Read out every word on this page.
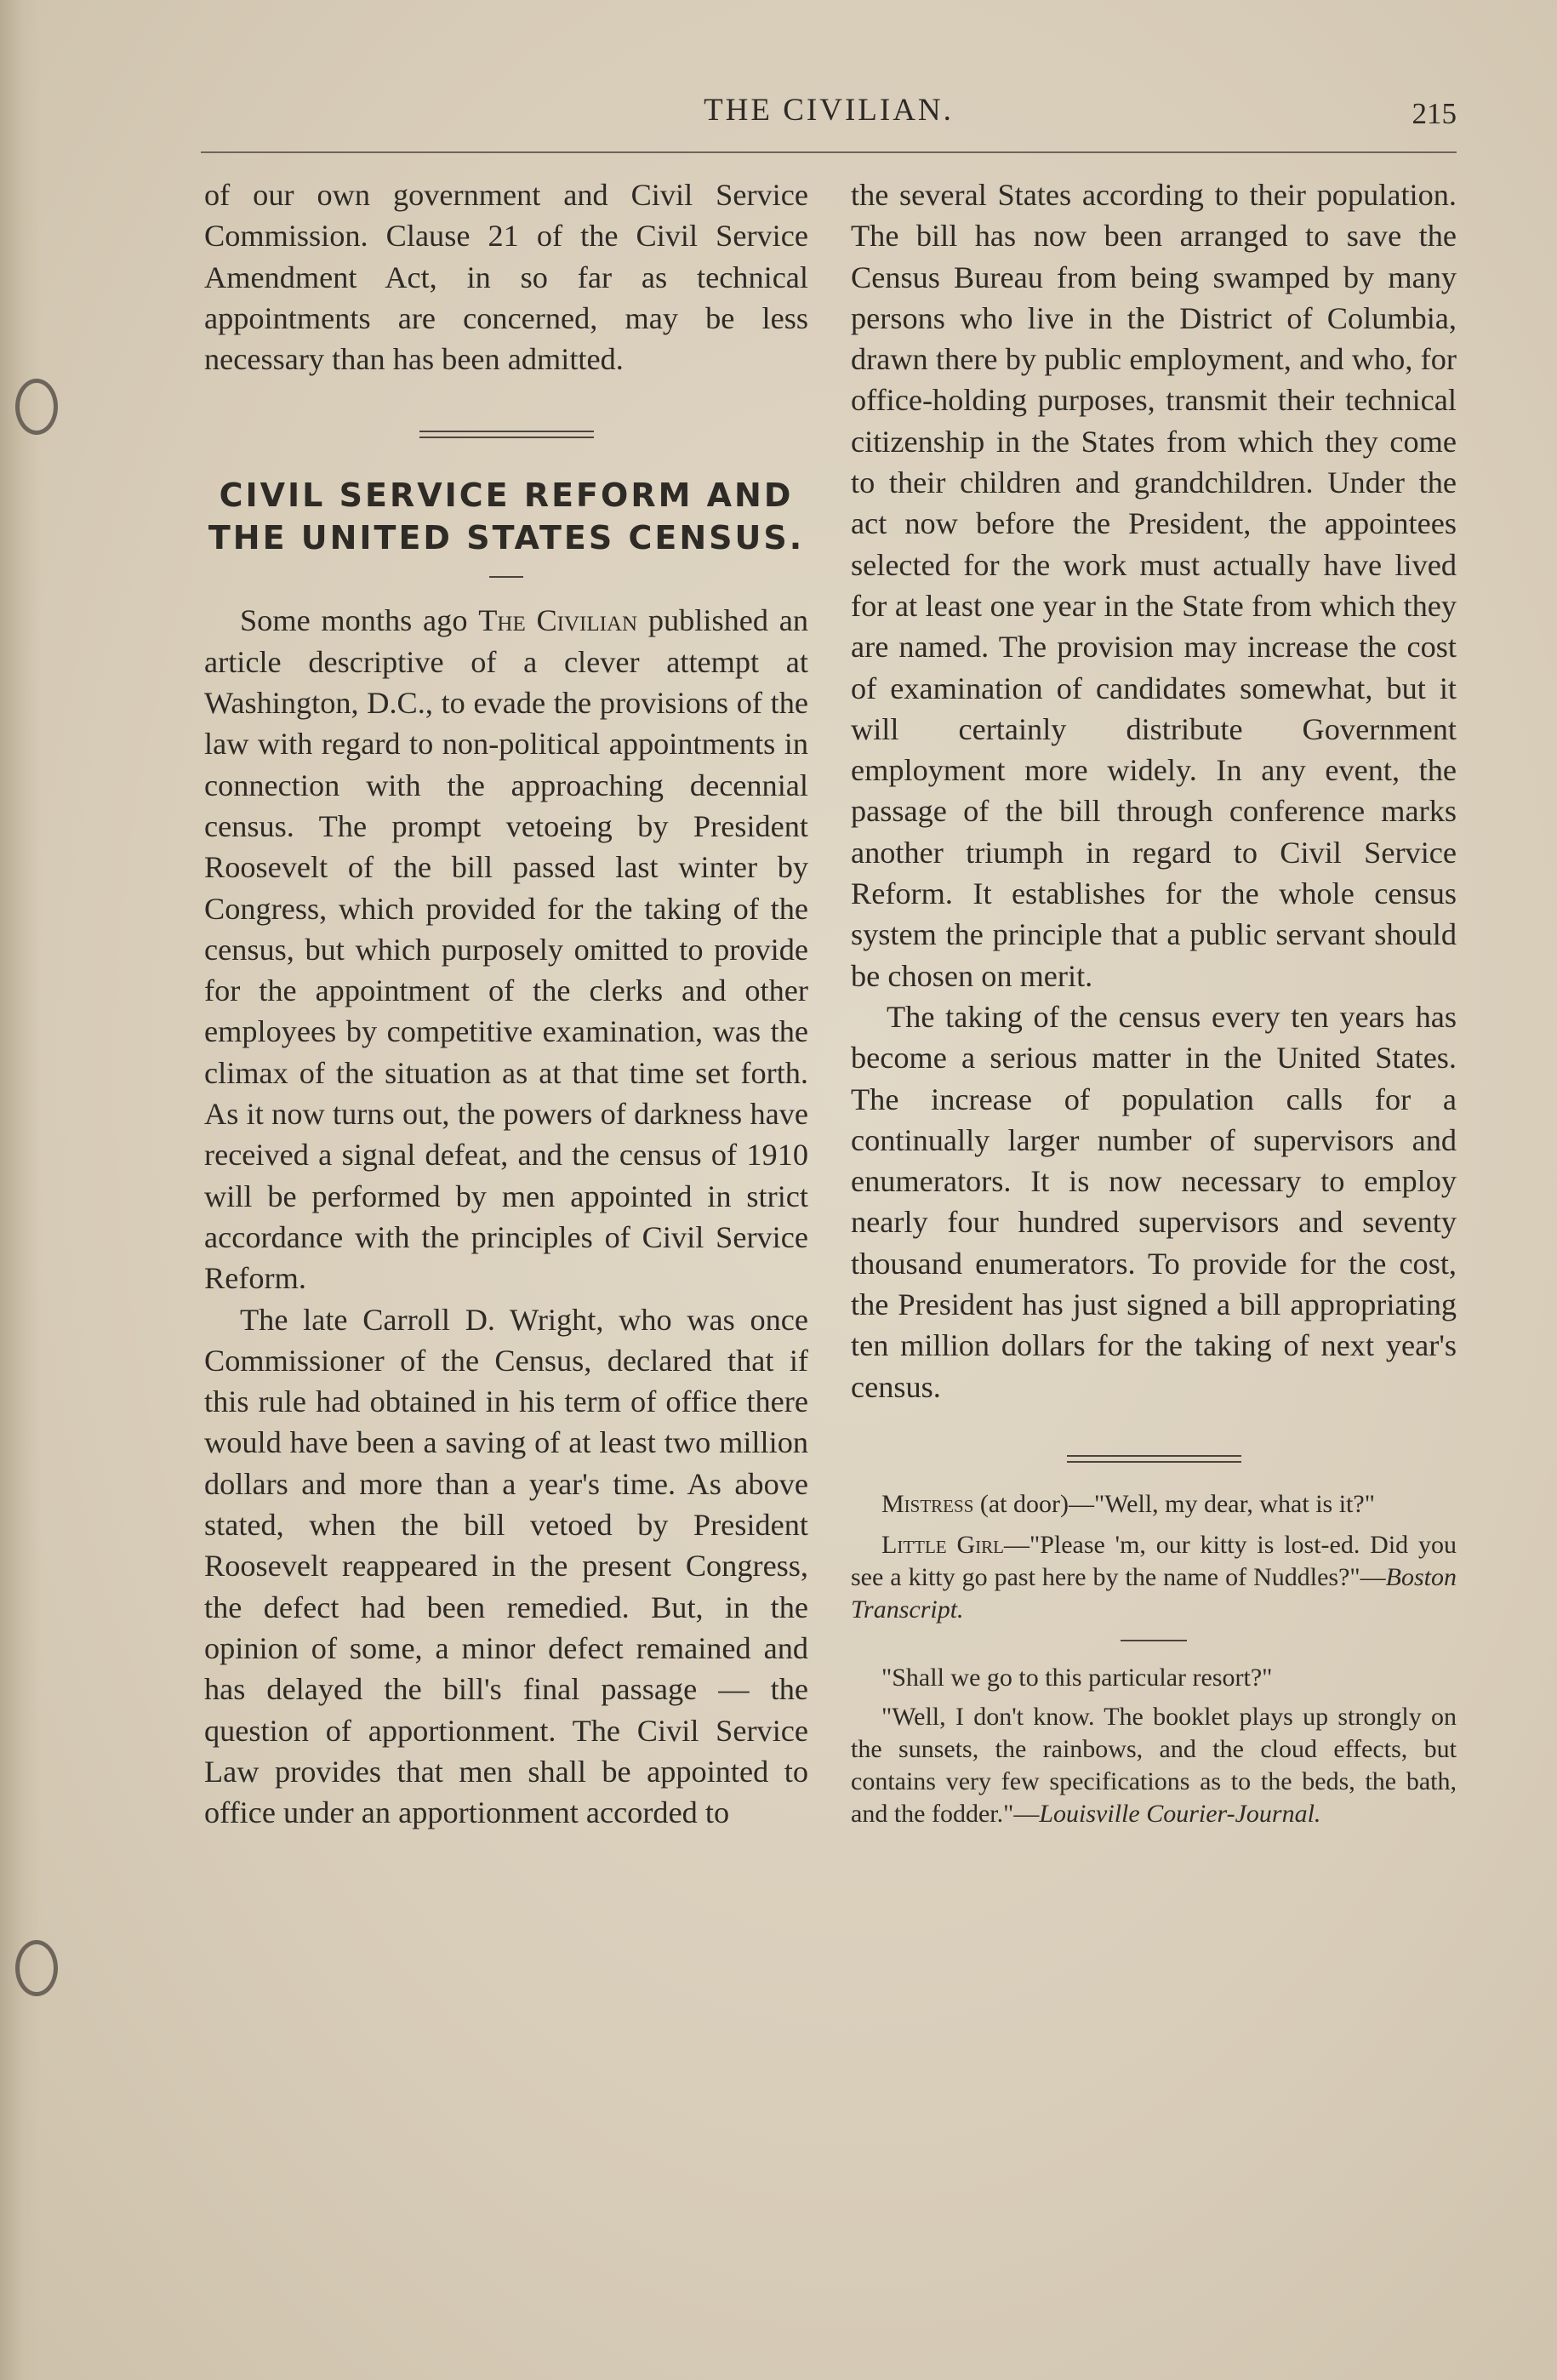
THE CIVILIAN.	215

of our own government and Civil Service Commission. Clause 21 of the Civil Service Amendment Act, in so far as technical appointments are concerned, may be less necessary than has been admitted.

CIVIL SERVICE REFORM AND THE UNITED STATES CENSUS.

Some months ago The Civilian published an article descriptive of a clever attempt at Washington, D.C., to evade the provisions of the law with regard to non-political appointments in connection with the approaching decennial census. The prompt vetoeing by President Roosevelt of the bill passed last winter by Congress, which provided for the taking of the census, but which purposely omitted to provide for the appointment of the clerks and other employees by competitive examination, was the climax of the situation as at that time set forth. As it now turns out, the powers of darkness have received a signal defeat, and the census of 1910 will be performed by men appointed in strict accordance with the principles of Civil Service Reform.

The late Carroll D. Wright, who was once Commissioner of the Census, declared that if this rule had obtained in his term of office there would have been a saving of at least two million dollars and more than a year's time. As above stated, when the bill vetoed by President Roosevelt reappeared in the present Congress, the defect had been remedied. But, in the opinion of some, a minor defect remained and has delayed the bill's final passage — the question of apportionment. The Civil Service Law provides that men shall be appointed to office under an apportionment accorded to

the several States according to their population. The bill has now been arranged to save the Census Bureau from being swamped by many persons who live in the District of Columbia, drawn there by public employment, and who, for office-holding purposes, transmit their technical citizenship in the States from which they come to their children and grandchildren. Under the act now before the President, the appointees selected for the work must actually have lived for at least one year in the State from which they are named. The provision may increase the cost of examination of candidates somewhat, but it will certainly distribute Government employment more widely. In any event, the passage of the bill through conference marks another triumph in regard to Civil Service Reform. It establishes for the whole census system the principle that a public servant should be chosen on merit.

The taking of the census every ten years has become a serious matter in the United States. The increase of population calls for a continually larger number of supervisors and enumerators. It is now necessary to employ nearly four hundred supervisors and seventy thousand enumerators. To provide for the cost, the President has just signed a bill appropriating ten million dollars for the taking of next year's census.

Mistress (at door)—"Well, my dear, what is it?"

Little Girl—"Please 'm, our kitty is lost-ed. Did you see a kitty go past here by the name of Nuddles?"—Boston Transcript.

"Shall we go to this particular resort?"

"Well, I don't know. The booklet plays up strongly on the sunsets, the rainbows, and the cloud effects, but contains very few specifications as to the beds, the bath, and the fodder."—Louisville Courier-Journal.
